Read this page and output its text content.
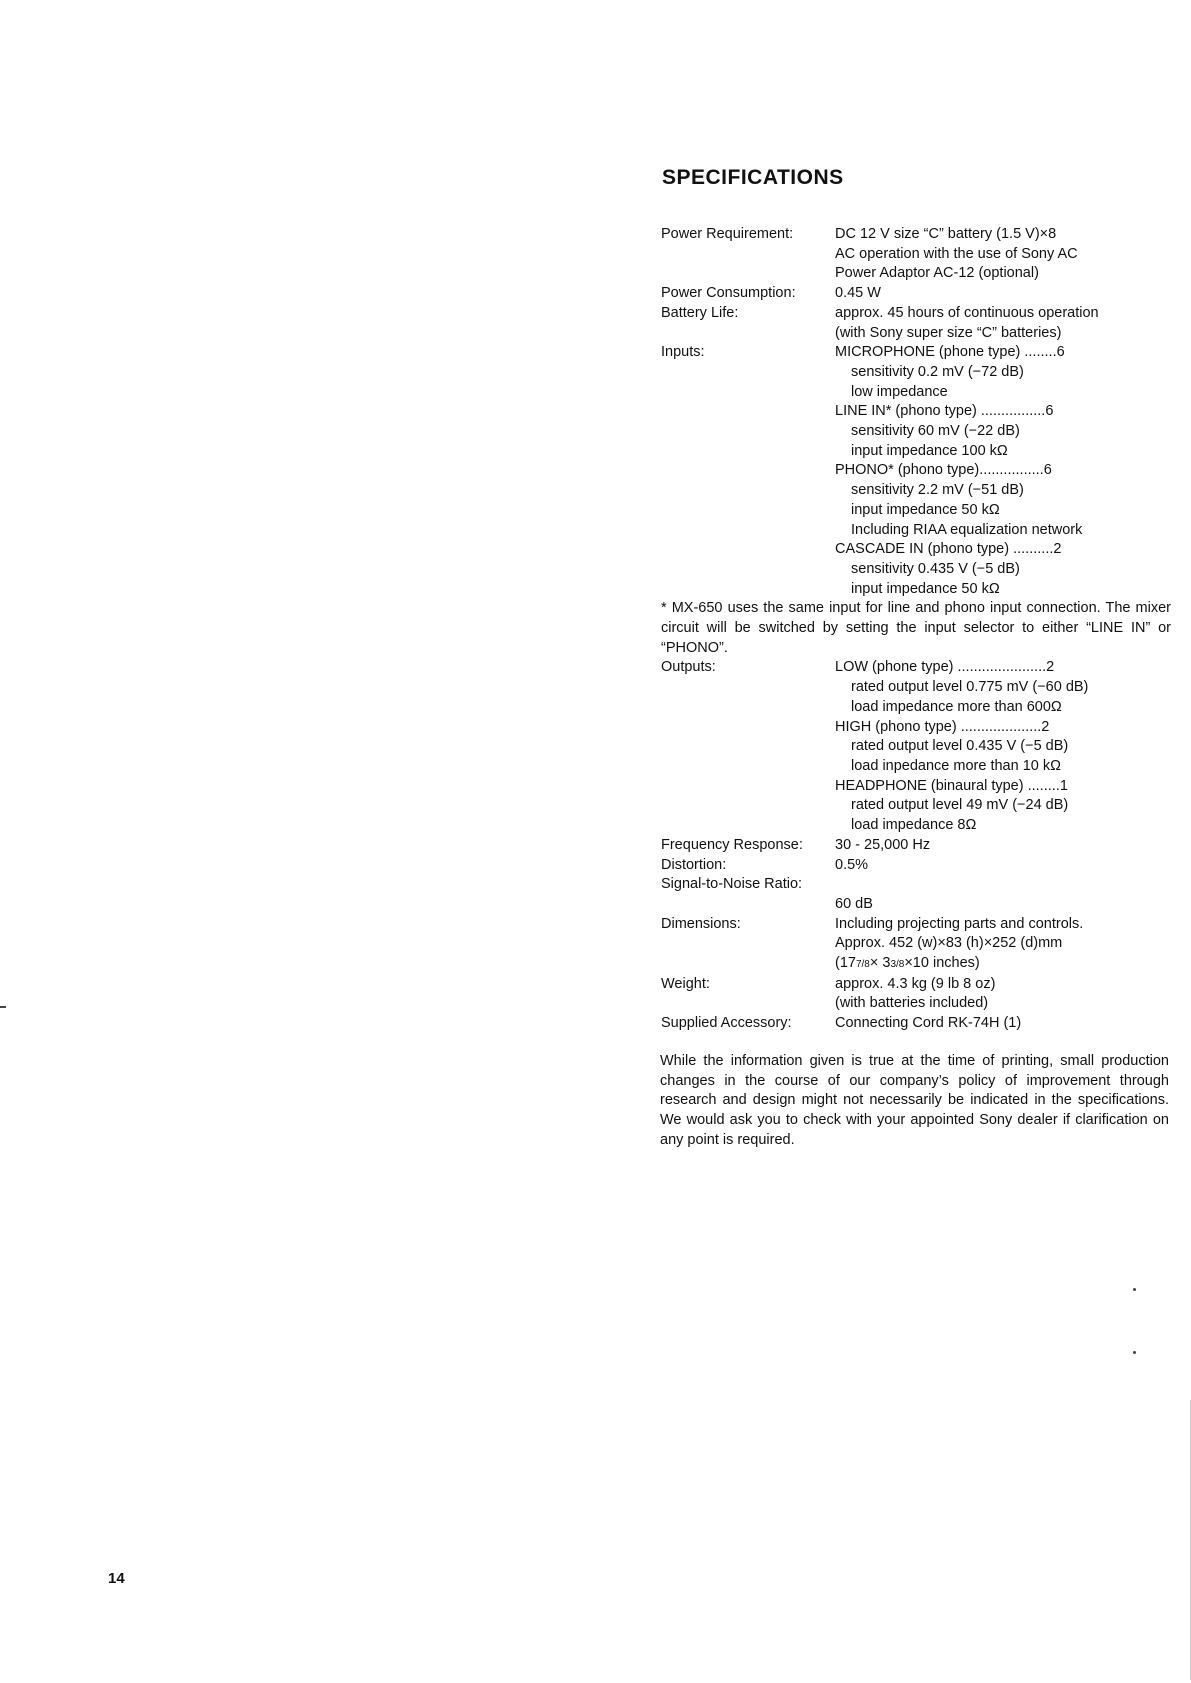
SPECIFICATIONS
Power Requirement:	DC 12 V size “C” battery (1.5 V)×8
AC operation with the use of Sony AC
Power Adaptor AC-12 (optional)
Power Consumption:	0.45 W
Battery Life:	approx. 45 hours of continuous operation
(with Sony super size “C” batteries)
Inputs:	MICROPHONE (phone type) ........6
sensitivity 0.2 mV (−72 dB)
low impedance
LINE IN* (phono type) ................6
sensitivity 60 mV (−22 dB)
input impedance 100 kΩ
PHONO* (phono type)................6
sensitivity 2.2 mV (−51 dB)
input impedance 50 kΩ
Including RIAA equalization network
CASCADE IN (phono type) ..........2
sensitivity 0.435 V (−5 dB)
input impedance 50 kΩ
* MX-650 uses the same input for line and phono input connection. The mixer circuit will be switched by setting the input selector to either “LINE IN” or “PHONO”.
Outputs:	LOW (phone type) ......................2
rated output level 0.775 mV (−60 dB)
load impedance more than 600Ω
HIGH (phono type) ....................2
rated output level 0.435 V (−5 dB)
load inpedance more than 10 kΩ
HEADPHONE (binaural type) ........1
rated output level 49 mV (−24 dB)
load impedance 8Ω
Frequency Response:	30 - 25,000 Hz
Distortion:	0.5%
Signal-to-Noise Ratio:
60 dB
Dimensions:	Including projecting parts and controls.
Approx. 452 (w)×83 (h)×252 (d)mm
(177/8× 33/8×10 inches)
Weight:	approx. 4.3 kg (9 lb 8 oz)
(with batteries included)
Supplied Accessory:	Connecting Cord RK-74H (1)

While the information given is true at the time of printing, small production changes in the course of our company’s policy of improvement through research and design might not necessarily be indicated in the specifications. We would ask you to check with your appointed Sony dealer if clarification on any point is required.

14
